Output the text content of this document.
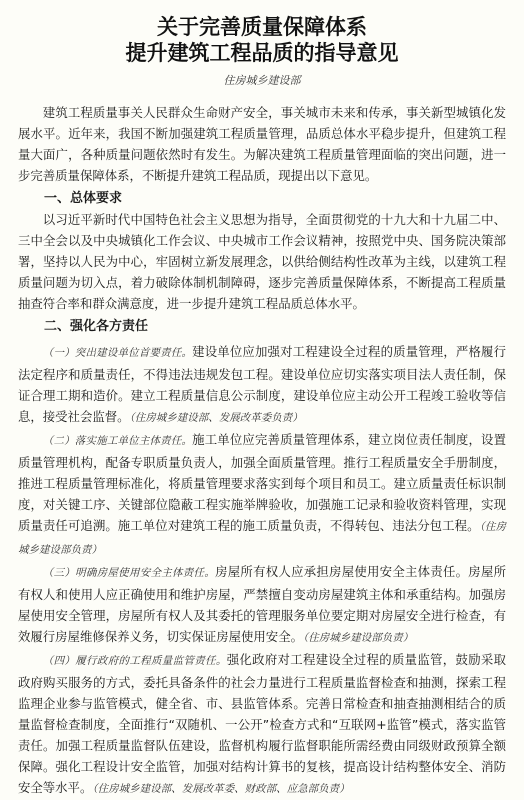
关于完善质量保障体系
提升建筑工程品质的指导意见
住房城乡建设部

建筑工程质量事关人民群众生命财产安全，事关城市未来和传承，事关新型城镇化发展水平。近年来，我国不断加强建筑工程质量管理，品质总体水平稳步提升，但建筑工程量大面广，各种质量问题依然时有发生。为解决建筑工程质量管理面临的突出问题，进一步完善质量保障体系，不断提升建筑工程品质，现提出以下意见。

一、总体要求

以习近平新时代中国特色社会主义思想为指导，全面贯彻党的十九大和十九届二中、三中全会以及中央城镇化工作会议、中央城市工作会议精神，按照党中央、国务院决策部署，坚持以人民为中心，牢固树立新发展理念，以供给侧结构性改革为主线，以建筑工程质量问题为切入点，着力破除体制机制障碍，逐步完善质量保障体系，不断提高工程质量抽查符合率和群众满意度，进一步提升建筑工程品质总体水平。

二、强化各方责任

（一）突出建设单位首要责任。建设单位应加强对工程建设全过程的质量管理，严格履行法定程序和质量责任，不得违法违规发包工程。建设单位应切实落实项目法人责任制，保证合理工期和造价。建立工程质量信息公示制度，建设单位应主动公开工程竣工验收等信息，接受社会监督。（住房城乡建设部、发展改革委负责）

（二）落实施工单位主体责任。施工单位应完善质量管理体系，建立岗位责任制度，设置质量管理机构，配备专职质量负责人，加强全面质量管理。推行工程质量安全手册制度，推进工程质量管理标准化，将质量管理要求落实到每个项目和员工。建立质量责任标识制度，对关键工序、关键部位隐蔽工程实施举牌验收，加强施工记录和验收资料管理，实现质量责任可追溯。施工单位对建筑工程的施工质量负责，不得转包、违法分包工程。（住房城乡建设部负责）

（三）明确房屋使用安全主体责任。房屋所有权人应承担房屋使用安全主体责任。房屋所有权人和使用人应正确使用和维护房屋，严禁擅自变动房屋建筑主体和承重结构。加强房屋使用安全管理，房屋所有权人及其委托的管理服务单位要定期对房屋安全进行检查，有效履行房屋维修保养义务，切实保证房屋使用安全。（住房城乡建设部负责）

（四）履行政府的工程质量监管责任。强化政府对工程建设全过程的质量监管，鼓励采取政府购买服务的方式，委托具备条件的社会力量进行工程质量监督检查和抽测，探索工程监理企业参与监管模式，健全省、市、县监管体系。完善日常检查和抽查抽测相结合的质量监督检查制度，全面推行“双随机、一公开”检查方式和“互联网+监管”模式，落实监管责任。加强工程质量监督队伍建设，监督机构履行监督职能所需经费由同级财政预算全额保障。强化工程设计安全监管，加强对结构计算书的复核，提高设计结构整体安全、消防安全等水平。（住房城乡建设部、发展改革委、财政部、应急部负责）
